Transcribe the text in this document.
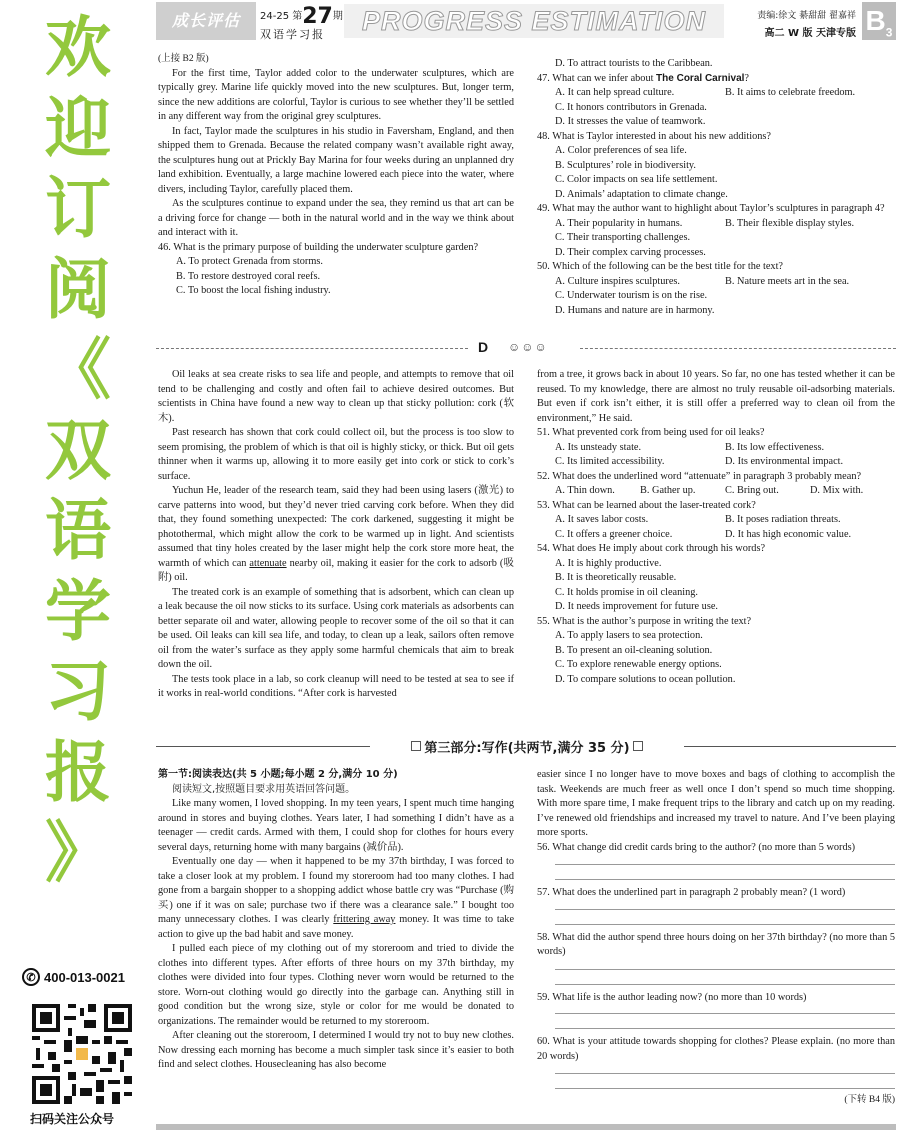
欢
迎
订
阅
《
双
语
学
习
报
》
✆ 400-013-0021
扫码关注公众号
成长评估	24-25 第27期
双语学习报	PROGRESS ESTIMATION	责编:徐文 綦甜甜 翟嘉祥
高二 W 版 天津专版 $B_3$

(上接 B2 版)

For the first time, Taylor added color to the underwater sculptures, which are typically grey. Marine life quickly moved into the new sculptures. But, longer term, since the new additions are colorful, Taylor is curious to see whether they’ll be settled in any different way from the original grey sculptures.

In fact, Taylor made the sculptures in his studio in Faversham, England, and then shipped them to Grenada. Because the related company wasn’t available right away, the sculptures hung out at Prickly Bay Marina for four weeks during an unplanned dry land exhibition. Eventually, a large machine lowered each piece into the water, where divers, including Taylor, carefully placed them.

As the sculptures continue to expand under the sea, they remind us that art can be a driving force for change — both in the natural world and in the way we think about and interact with it.

46. What is the primary purpose of building the underwater sculpture garden?

A. To protect Grenada from storms.

B. To restore destroyed coral reefs.

C. To boost the local fishing industry.

D. To attract tourists to the Caribbean.

47. What can we infer about The Coral Carnival?

A. It can help spread culture.	B. It aims to celebrate freedom.

C. It honors contributors in Grenada.

D. It stresses the value of teamwork.

48. What is Taylor interested in about his new additions?

A. Color preferences of sea life.

B. Sculptures’ role in biodiversity.

C. Color impacts on sea life settlement.

D. Animals’ adaptation to climate change.

49. What may the author want to highlight about Taylor’s sculptures in paragraph 4?

A. Their popularity in humans.	B. Their flexible display styles.

C. Their transporting challenges.

D. Their complex carving processes.

50. Which of the following can be the best title for the text?

A. Culture inspires sculptures.	B. Nature meets art in the sea.

C. Underwater tourism is on the rise.

D. Humans and nature are in harmony.

D ☺☺☺

Oil leaks at sea create risks to sea life and people, and attempts to remove that oil tend to be challenging and costly and often fail to achieve desired outcomes. But scientists in China have found a new way to clean up that sticky pollution: cork (软木).

Past research has shown that cork could collect oil, but the process is too slow to seem promising, the problem of which is that oil is highly sticky, or thick. But oil gets thinner when it warms up, allowing it to more easily get into cork or stick to cork’s surface.

Yuchun He, leader of the research team, said they had been using lasers (激光) to carve patterns into wood, but they’d never tried carving cork before. When they did that, they found something unexpected: The cork darkened, suggesting it might be photothermal, which might allow the cork to be warmed up in light. And scientists assumed that tiny holes created by the laser might help the cork store more heat, the warmth of which can attenuate nearby oil, making it easier for the cork to adsorb (吸附) oil.

The treated cork is an example of something that is adsorbent, which can clean up a leak because the oil now sticks to its surface. Using cork materials as adsorbents can better separate oil and water, allowing people to recover some of the oil so that it can be used. Oil leaks can kill sea life, and today, to clean up a leak, sailors often remove oil from the water’s surface as they apply some harmful chemicals that aim to break down the oil.

The tests took place in a lab, so cork cleanup will need to be tested at sea to see if it works in real-world conditions. “After cork is harvested

from a tree, it grows back in about 10 years. So far, no one has tested whether it can be reused. To my knowledge, there are almost no truly reusable oil-adsorbing materials. But even if cork isn’t either, it is still offer a preferred way to clean oil from the environment,” He said.

51. What prevented cork from being used for oil leaks?

A. Its unsteady state.	B. Its low effectiveness.
C. Its limited accessibility.	D. Its environmental impact.

52. What does the underlined word “attenuate” in paragraph 3 probably mean?

A. Thin down.	B. Gather up.	C. Bring out.	D. Mix with.

53. What can be learned about the laser-treated cork?

A. It saves labor costs.	B. It poses radiation threats.
C. It offers a greener choice.	D. It has high economic value.

54. What does He imply about cork through his words?

A. It is highly productive.

B. It is theoretically reusable.

C. It holds promise in oil cleaning.

D. It needs improvement for future use.

55. What is the author’s purpose in writing the text?

A. To apply lasers to sea protection.

B. To present an oil-cleaning solution.

C. To explore renewable energy options.

D. To compare solutions to ocean pollution.

第三部分:写作(共两节,满分 35 分)

第一节:阅读表达(共 5 小题;每小题 2 分,满分 10 分)

阅读短文,按照题目要求用英语回答问题。

Like many women, I loved shopping. In my teen years, I spent much time hanging around in stores and buying clothes. Years later, I had something I didn’t have as a teenager — credit cards. Armed with them, I could shop for clothes for hours every several days, returning home with many bargains (减价品).

Eventually one day — when it happened to be my 37th birthday, I was forced to take a closer look at my problem. I found my storeroom had too many clothes. I had gone from a bargain shopper to a shopping addict whose battle cry was “Purchase (购买) one if it was on sale; purchase two if there was a clearance sale.” I bought too many unnecessary clothes. I was clearly frittering away money. It was time to take action to give up the bad habit and save money.

I pulled each piece of my clothing out of my storeroom and tried to divide the clothes into different types. After efforts of three hours on my 37th birthday, my clothes were divided into four types. Clothing never worn would be returned to the store. Worn-out clothing would go directly into the garbage can. Anything still in good condition but the wrong size, style or color for me would be donated to organizations. The remainder would be returned to my storeroom.

After cleaning out the storeroom, I determined I would try not to buy new clothes. Now dressing each morning has become a much simpler task since it’s easier to both find and select clothes. Housecleaning has also become

easier since I no longer have to move boxes and bags of clothing to accomplish the task. Weekends are much freer as well once I don’t spend so much time shopping. With more spare time, I make frequent trips to the library and catch up on my reading. I’ve renewed old friendships and increased my travel to nature. And I’ve been playing more sports.

56. What change did credit cards bring to the author? (no more than 5 words)

57. What does the underlined part in paragraph 2 probably mean? (1 word)

58. What did the author spend three hours doing on her 37th birthday? (no more than 5 words)

59. What life is the author leading now? (no more than 10 words)

60. What is your attitude towards shopping for clothes? Please explain. (no more than 20 words)

(下转 B4 版)
